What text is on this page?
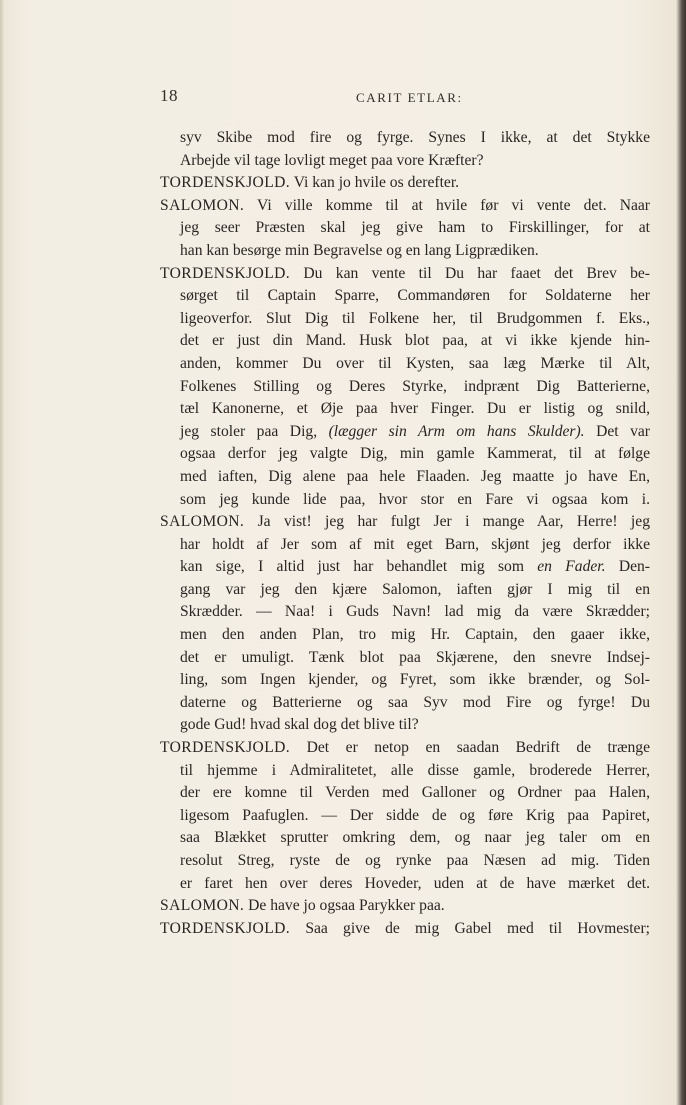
18	CARIT ETLAR:
syv Skibe mod fire og fyrge. Synes I ikke, at det Stykke
Arbejde vil tage lovligt meget paa vore Kræfter?
TORDENSKJOLD. Vi kan jo hvile os derefter.
SALOMON. Vi ville komme til at hvile før vi vente det. Naar
jeg seer Præsten skal jeg give ham to Firskillinger, for at
han kan besørge min Begravelse og en lang Ligprædiken.
TORDENSKJOLD. Du kan vente til Du har faaet det Brev be-
sørget til Captain Sparre, Commandøren for Soldaterne her
ligeoverfor. Slut Dig til Folkene her, til Brudgommen f. Eks.,
det er just din Mand. Husk blot paa, at vi ikke kjende hin-
anden, kommer Du over til Kysten, saa læg Mærke til Alt,
Folkenes Stilling og Deres Styrke, indprænt Dig Batterierne,
tæl Kanonerne, et Øje paa hver Finger. Du er listig og snild,
jeg stoler paa Dig, (lægger sin Arm om hans Skulder). Det var
ogsaa derfor jeg valgte Dig, min gamle Kammerat, til at følge
med iaften, Dig alene paa hele Flaaden. Jeg maatte jo have En,
som jeg kunde lide paa, hvor stor en Fare vi ogsaa kom i.
SALOMON. Ja vist! jeg har fulgt Jer i mange Aar, Herre! jeg
har holdt af Jer som af mit eget Barn, skjønt jeg derfor ikke
kan sige, I altid just har behandlet mig som en Fader. Den-
gang var jeg den kjære Salomon, iaften gjør I mig til en
Skrædder. — Naa! i Guds Navn! lad mig da være Skrædder;
men den anden Plan, tro mig Hr. Captain, den gaaer ikke,
det er umuligt. Tænk blot paa Skjærene, den snevre Indsej-
ling, som Ingen kjender, og Fyret, som ikke brænder, og Sol-
daterne og Batterierne og saa Syv mod Fire og fyrge! Du
gode Gud! hvad skal dog det blive til?
TORDENSKJOLD. Det er netop en saadan Bedrift de trænge
til hjemme i Admiralitetet, alle disse gamle, broderede Herrer,
der ere komne til Verden med Galloner og Ordner paa Halen,
ligesom Paafuglen. — Der sidde de og føre Krig paa Papiret,
saa Blækket sprutter omkring dem, og naar jeg taler om en
resolut Streg, ryste de og rynke paa Næsen ad mig. Tiden
er faret hen over deres Hoveder, uden at de have mærket det.
SALOMON. De have jo ogsaa Parykker paa.
TORDENSKJOLD. Saa give de mig Gabel med til Hovmester;
